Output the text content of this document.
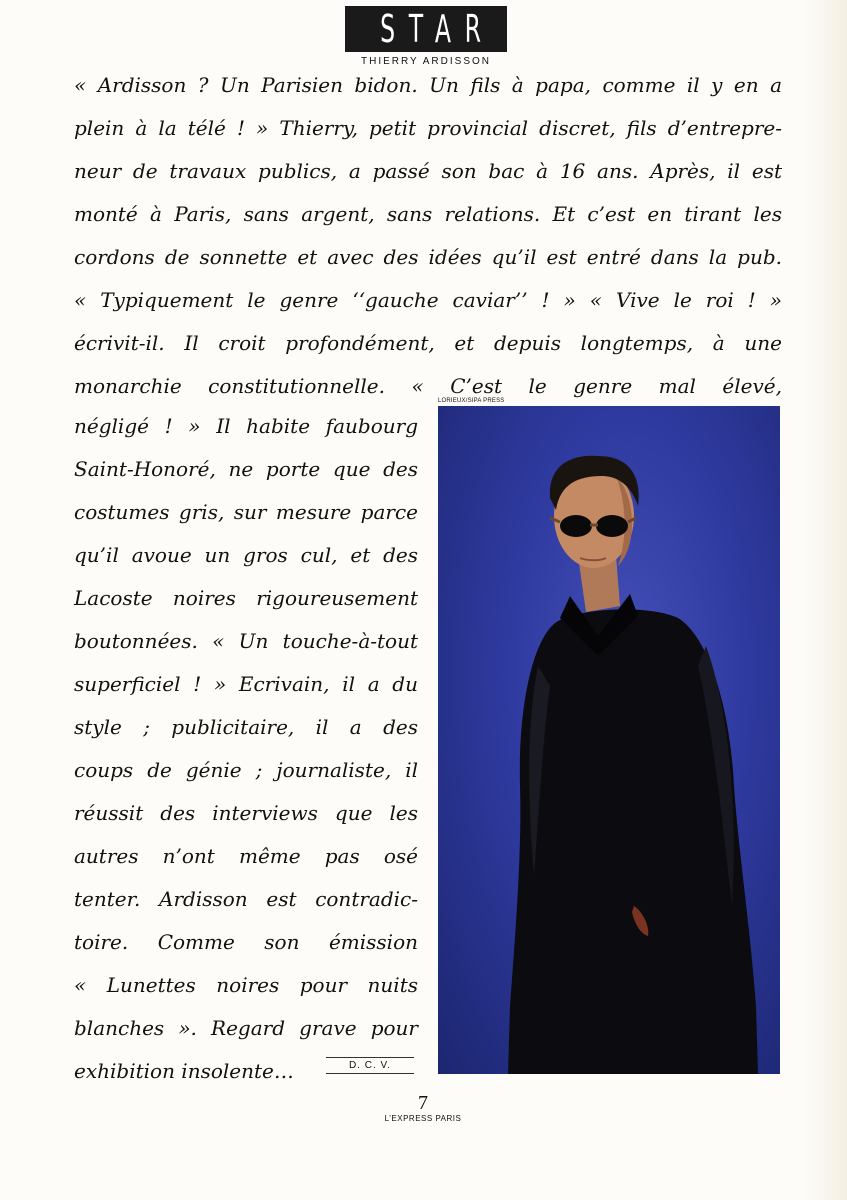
STAR
THIERRY ARDISSON
« Ardisson ? Un Parisien bidon. Un fils à papa, comme il y en a
plein à la télé ! » Thierry, petit provincial discret, fils d’entrepre-
neur de travaux publics, a passé son bac à 16 ans. Après, il est
monté à Paris, sans argent, sans relations. Et c’est en tirant les
cordons de sonnette et avec des idées qu’il est entré dans la pub.
« Typiquement le genre ‘‘gauche caviar’’ ! » « Vive le roi ! »
écrivit-il. Il croit profondément, et depuis longtemps, à une
monarchie constitutionnelle. « C’est le genre mal élevé,
négligé ! » Il habite faubourg
Saint-Honoré, ne porte que des
costumes gris, sur mesure parce
qu’il avoue un gros cul, et des
Lacoste noires rigoureusement
boutonnées. « Un touche-à-tout
superficiel ! » Ecrivain, il a du
style ; publicitaire, il a des
coups de génie ; journaliste, il
réussit des interviews que les
autres n’ont même pas osé
tenter. Ardisson est contradic-
toire. Comme son émission
« Lunettes noires pour nuits
blanches ». Regard grave pour
exhibition insolente…
LORIEUX/SIPA PRESS
D. C. V.
7
L’EXPRESS PARIS
